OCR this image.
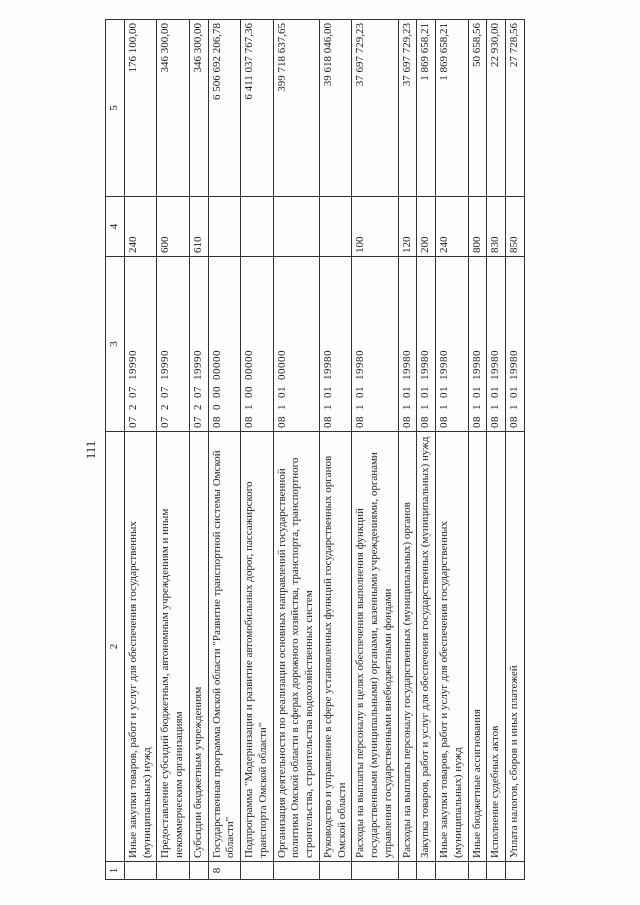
111
1	2	3	4	5
	Иные закупки товаров, работ и услуг для обеспечения государственных (муниципальных) нужд	0720719990	240	176 100,00
	Предоставление субсидий бюджетным, автономным учреждениям и иным некоммерческим организациям	0720719990	600	346 300,00
	Субсидии бюджетным учреждениям	0720719990	610	346 300,00
8	Государственная программа Омской области "Развитие транспортной системы Омской области"	0800000000		6 506 692 206,78
	Подпрограмма "Модернизация и развитие автомобильных дорог, пассажирского транспорта Омской области"	0810000000		6 411 037 767,36
	Организация деятельности по реализации основных направлений государственной политики Омской области в сферах дорожного хозяйства, транспорта, транспортного строительства, строительства водохозяйственных систем	0810100000		399 718 637,65
	Руководство и управление в сфере установленных функций государственных органов Омской области	0810119980		39 618 046,00
	Расходы на выплаты персоналу в целях обеспечения выполнения функций государственными (муниципальными) органами, казенными учреждениями, органами управления государственными внебюджетными фондами	0810119980	100	37 697 729,23
	Расходы на выплаты персоналу государственных (муниципальных) органов	0810119980	120	37 697 729,23
	Закупка товаров, работ и услуг для обеспечения государственных (муниципальных) нужд	0810119980	200	1 869 658,21
	Иные закупки товаров, работ и услуг для обеспечения государственных (муниципальных) нужд	0810119980	240	1 869 658,21
	Иные бюджетные ассигнования	0810119980	800	50 658,56
	Исполнение судебных актов	0810119980	830	22 930,00
	Уплата налогов, сборов и иных платежей	0810119980	850	27 728,56
